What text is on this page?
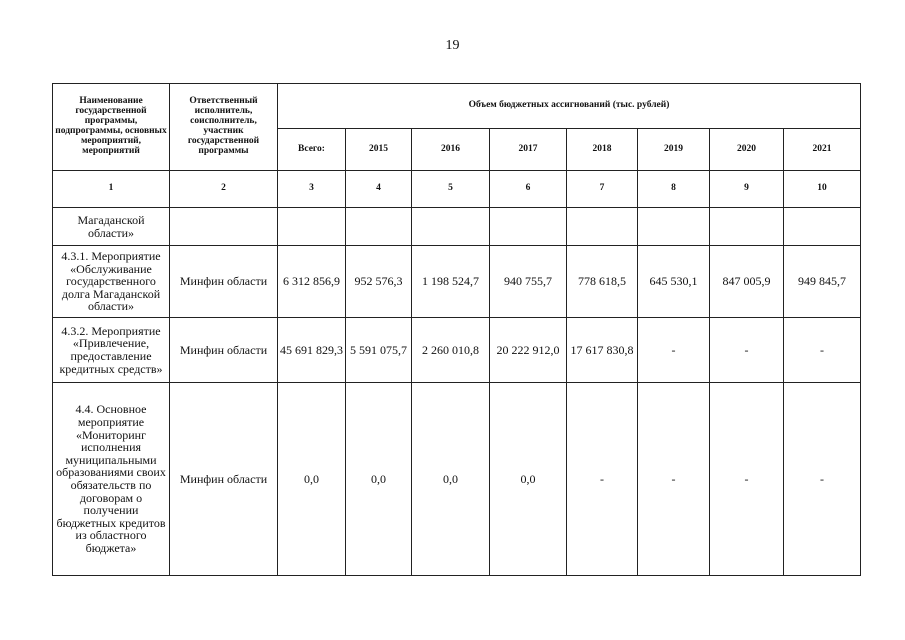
19
Наименование государственной программы, подпрограммы, основных мероприятий, мероприятий	Ответственный исполнитель, соисполнитель, участник государственной программы	Объем бюджетных ассигнований (тыс. рублей)							
		Всего:	2015	2016	2017	2018	2019	2020	2021
1	2	3	4	5	6	7	8	9	10
Магаданской области»									
4.3.1. Мероприятие «Обслуживание государственного долга Магаданской области»	Минфин области	6 312 856,9	952 576,3	1 198 524,7	940 755,7	778 618,5	645 530,1	847 005,9	949 845,7
4.3.2. Мероприятие «Привлечение, предоставление кредитных средств»	Минфин области	45 691 829,3	5 591 075,7	2 260 010,8	20 222 912,0	17 617 830,8	-	-	-
4.4. Основное мероприятие «Мониторинг исполнения муниципальными образованиями своих обязательств по договорам о получении бюджетных кредитов из областного бюджета»	Минфин области	0,0	0,0	0,0	0,0	-	-	-	-
